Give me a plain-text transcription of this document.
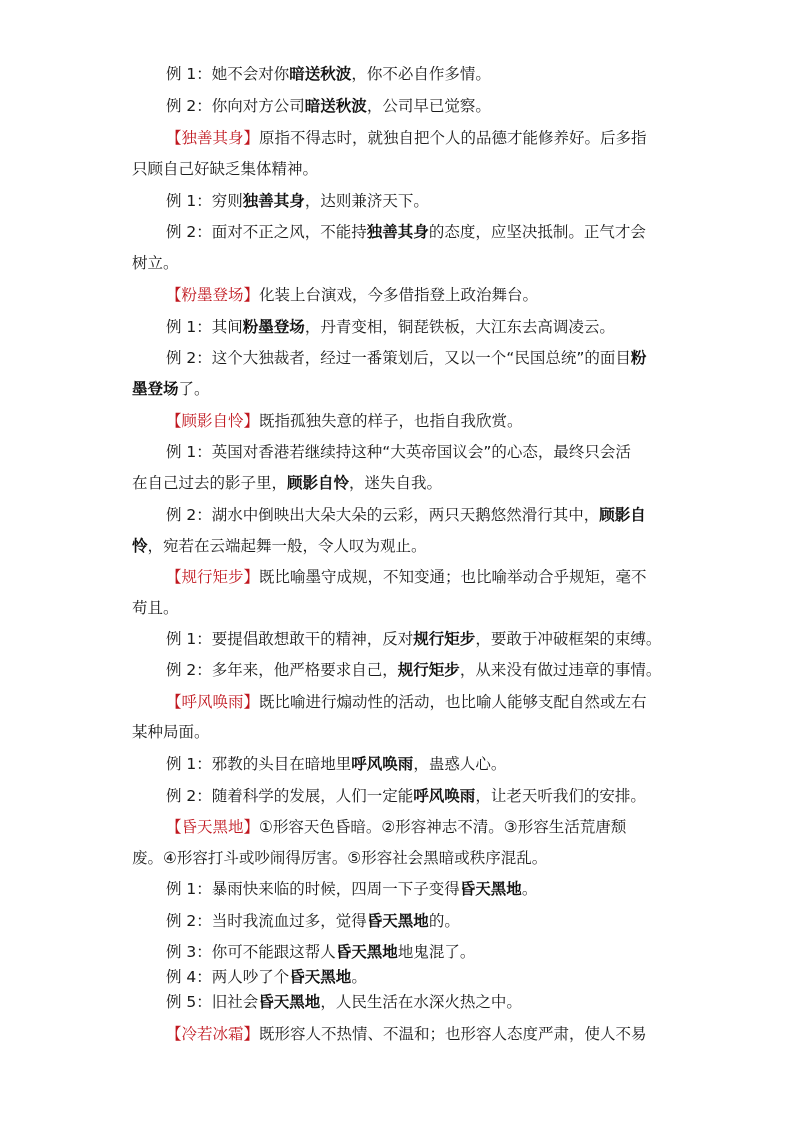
例 1：她不会对你暗送秋波，你不必自作多情。
例 2：你向对方公司暗送秋波，公司早已觉察。
【独善其身】原指不得志时，就独自把个人的品德才能修养好。后多指
只顾自己好缺乏集体精神。
例 1：穷则独善其身，达则兼济天下。
例 2：面对不正之风，不能持独善其身的态度，应坚决抵制。正气才会
树立。
【粉墨登场】化装上台演戏，今多借指登上政治舞台。
例 1：其间粉墨登场，丹青变相，铜琵铁板，大江东去高调凌云。
例 2：这个大独裁者，经过一番策划后，又以一个“民国总统”的面目粉
墨登场了。
【顾影自怜】既指孤独失意的样子，也指自我欣赏。
例 1：英国对香港若继续持这种“大英帝国议会”的心态，最终只会活
在自己过去的影子里，顾影自怜，迷失自我。
例 2：湖水中倒映出大朵大朵的云彩，两只天鹅悠然滑行其中，顾影自
怜，宛若在云端起舞一般，令人叹为观止。
【规行矩步】既比喻墨守成规，不知变通；也比喻举动合乎规矩，毫不
苟且。
例 1：要提倡敢想敢干的精神，反对规行矩步，要敢于冲破框架的束缚。
例 2：多年来，他严格要求自己，规行矩步，从来没有做过违章的事情。
【呼风唤雨】既比喻进行煽动性的活动，也比喻人能够支配自然或左右
某种局面。
例 1：邪教的头目在暗地里呼风唤雨，蛊惑人心。
例 2：随着科学的发展，人们一定能呼风唤雨，让老天听我们的安排。
【昏天黑地】①形容天色昏暗。②形容神志不清。③形容生活荒唐颓
废。④形容打斗或吵闹得厉害。⑤形容社会黑暗或秩序混乱。
例 1：暴雨快来临的时候，四周一下子变得昏天黑地。
例 2：当时我流血过多，觉得昏天黑地的。
例 3：你可不能跟这帮人昏天黑地地鬼混了。
例 4：两人吵了个昏天黑地。
例 5：旧社会昏天黑地，人民生活在水深火热之中。
【冷若冰霜】既形容人不热情、不温和；也形容人态度严肃，使人不易
